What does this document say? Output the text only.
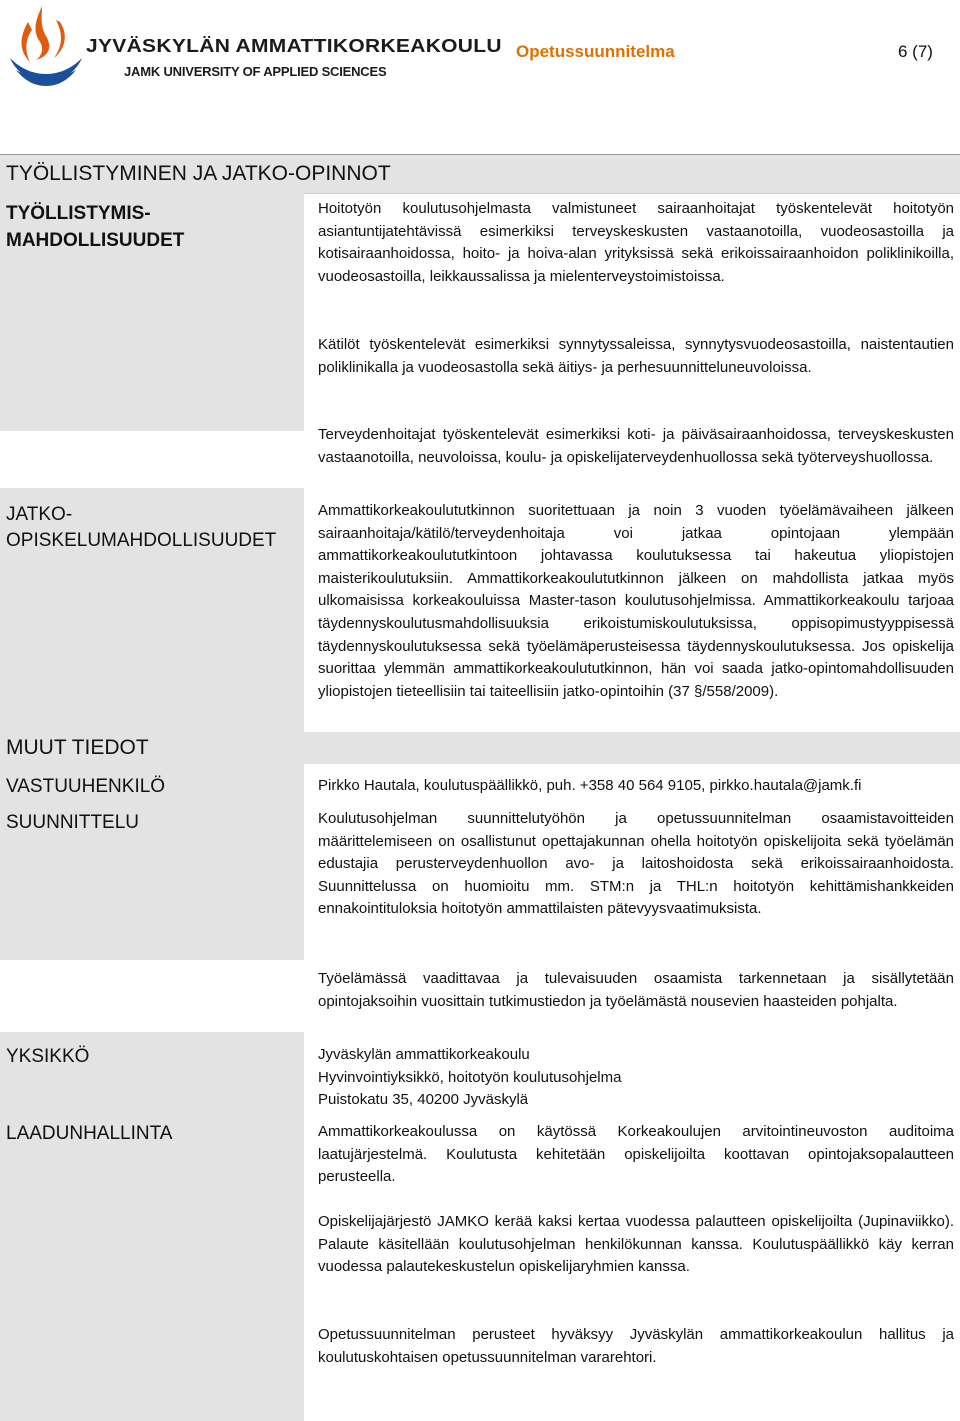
JYVÄSKYLÄN AMMATTIKORKEAKOULU
JAMK UNIVERSITY OF APPLIED SCIENCES
Opetussuunnitelma	6 (7)
TYÖLLISTYMINEN JA JATKO-OPINNOT
TYÖLLISTYMIS-
MAHDOLLISUUDET
Hoitotyön koulutusohjelmasta valmistuneet sairaanhoitajat työskentelevät hoitotyön asiantuntijatehtävissä esimerkiksi terveyskeskusten vastaanotoilla, vuodeosastoilla ja kotisairaanhoidossa, hoito- ja hoiva-alan yrityksissä sekä erikoissairaanhoidon poliklinikoilla, vuodeosastoilla, leikkaussalissa ja mielenterveystoimistoissa.
Kätilöt työskentelevät esimerkiksi synnytyssaleissa, synnytysvuodeosastoilla, naistentautien poliklinikalla ja vuodeosastolla sekä äitiys- ja perhesuunnitteluneuvoloissa.
Terveydenhoitajat työskentelevät esimerkiksi koti- ja päiväsairaanhoidossa, terveyskeskusten vastaanotoilla, neuvoloissa, koulu- ja opiskelijaterveydenhuollossa sekä työterveyshuollossa.
JATKO-
OPISKELUMAHDOLLISUUDET
Ammattikorkeakoulututkinnon suoritettuaan ja noin 3 vuoden työelämävaiheen jälkeen sairaanhoitaja/kätilö/terveydenhoitaja voi jatkaa opintojaan ylempään ammattikorkeakoulututkintoon johtavassa koulutuksessa tai hakeutua yliopistojen maisterikoulutuksiin. Ammattikorkeakoulututkinnon jälkeen on mahdollista jatkaa myös ulkomaisissa korkeakouluissa Master-tason koulutusohjelmissa. Ammattikorkeakoulu tarjoaa täydennyskoulutusmahdollisuuksia erikoistumiskoulutuksissa, oppisopimustyyppisessä täydennyskoulutuksessa sekä työelämäperusteisessa täydennyskoulutuksessa. Jos opiskelija suorittaa ylemmän ammattikorkeakoulututkinnon, hän voi saada jatko-opintomahdollisuuden yliopistojen tieteellisiin tai taiteellisiin jatko-opintoihin (37 §/558/2009).
MUUT TIEDOT
VASTUUHENKILÖ
SUUNNITTELU
Pirkko Hautala, koulutuspäällikkö, puh. +358 40 564 9105, pirkko.hautala@jamk.fi
Koulutusohjelman suunnittelutyöhön ja opetussuunnitelman osaamistavoitteiden määrittelemiseen on osallistunut opettajakunnan ohella hoitotyön opiskelijoita sekä työelämän edustajia perusterveydenhuollon avo- ja laitoshoidosta sekä erikoissairaanhoidosta. Suunnittelussa on huomioitu mm. STM:n ja THL:n hoitotyön kehittämishankkeiden ennakointituloksia hoitotyön ammattilaisten pätevyysvaatimuksista.
Työelämässä vaadittavaa ja tulevaisuuden osaamista tarkennetaan ja sisällytetään opintojaksoihin vuosittain tutkimustiedon ja työelämästä nousevien haasteiden pohjalta.
YKSIKKÖ
LAADUNHALLINTA

Jyväskylän ammattikorkeakoulu

Hyvinvointiyksikkö, hoitotyön koulutusohjelma

Puistokatu 35, 40200 Jyväskylä

Ammattikorkeakoulussa on käytössä Korkeakoulujen arvitointineuvoston auditoima laatujärjestelmä. Koulutusta kehitetään opiskelijoilta koottavan opintojaksopalautteen perusteella.
Opiskelijajärjestö JAMKO kerää kaksi kertaa vuodessa palautteen opiskelijoilta (Jupinaviikko). Palaute käsitellään koulutusohjelman henkilökunnan kanssa. Koulutuspäällikkö käy kerran vuodessa palautekeskustelun opiskelijaryhmien kanssa.
Opetussuunnitelman perusteet hyväksyy Jyväskylän ammattikorkeakoulun hallitus ja koulutuskohtaisen opetussuunnitelman vararehtori.
